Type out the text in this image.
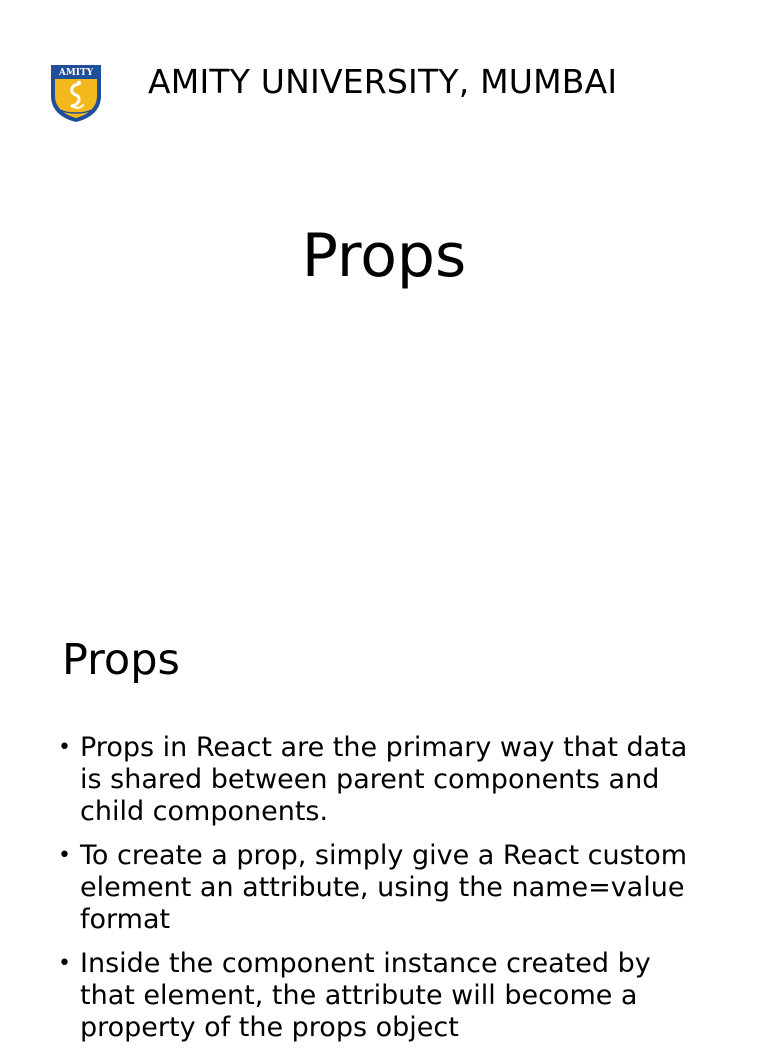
AMITY AMITY UNIVERSITY, MUMBAI
Props
Props
• Props in React are the primary way that data is shared between parent components and child components.
• To create a prop, simply give a React custom element an attribute, using the name=value format
• Inside the component instance created by that element, the attribute will become a property of the props object
